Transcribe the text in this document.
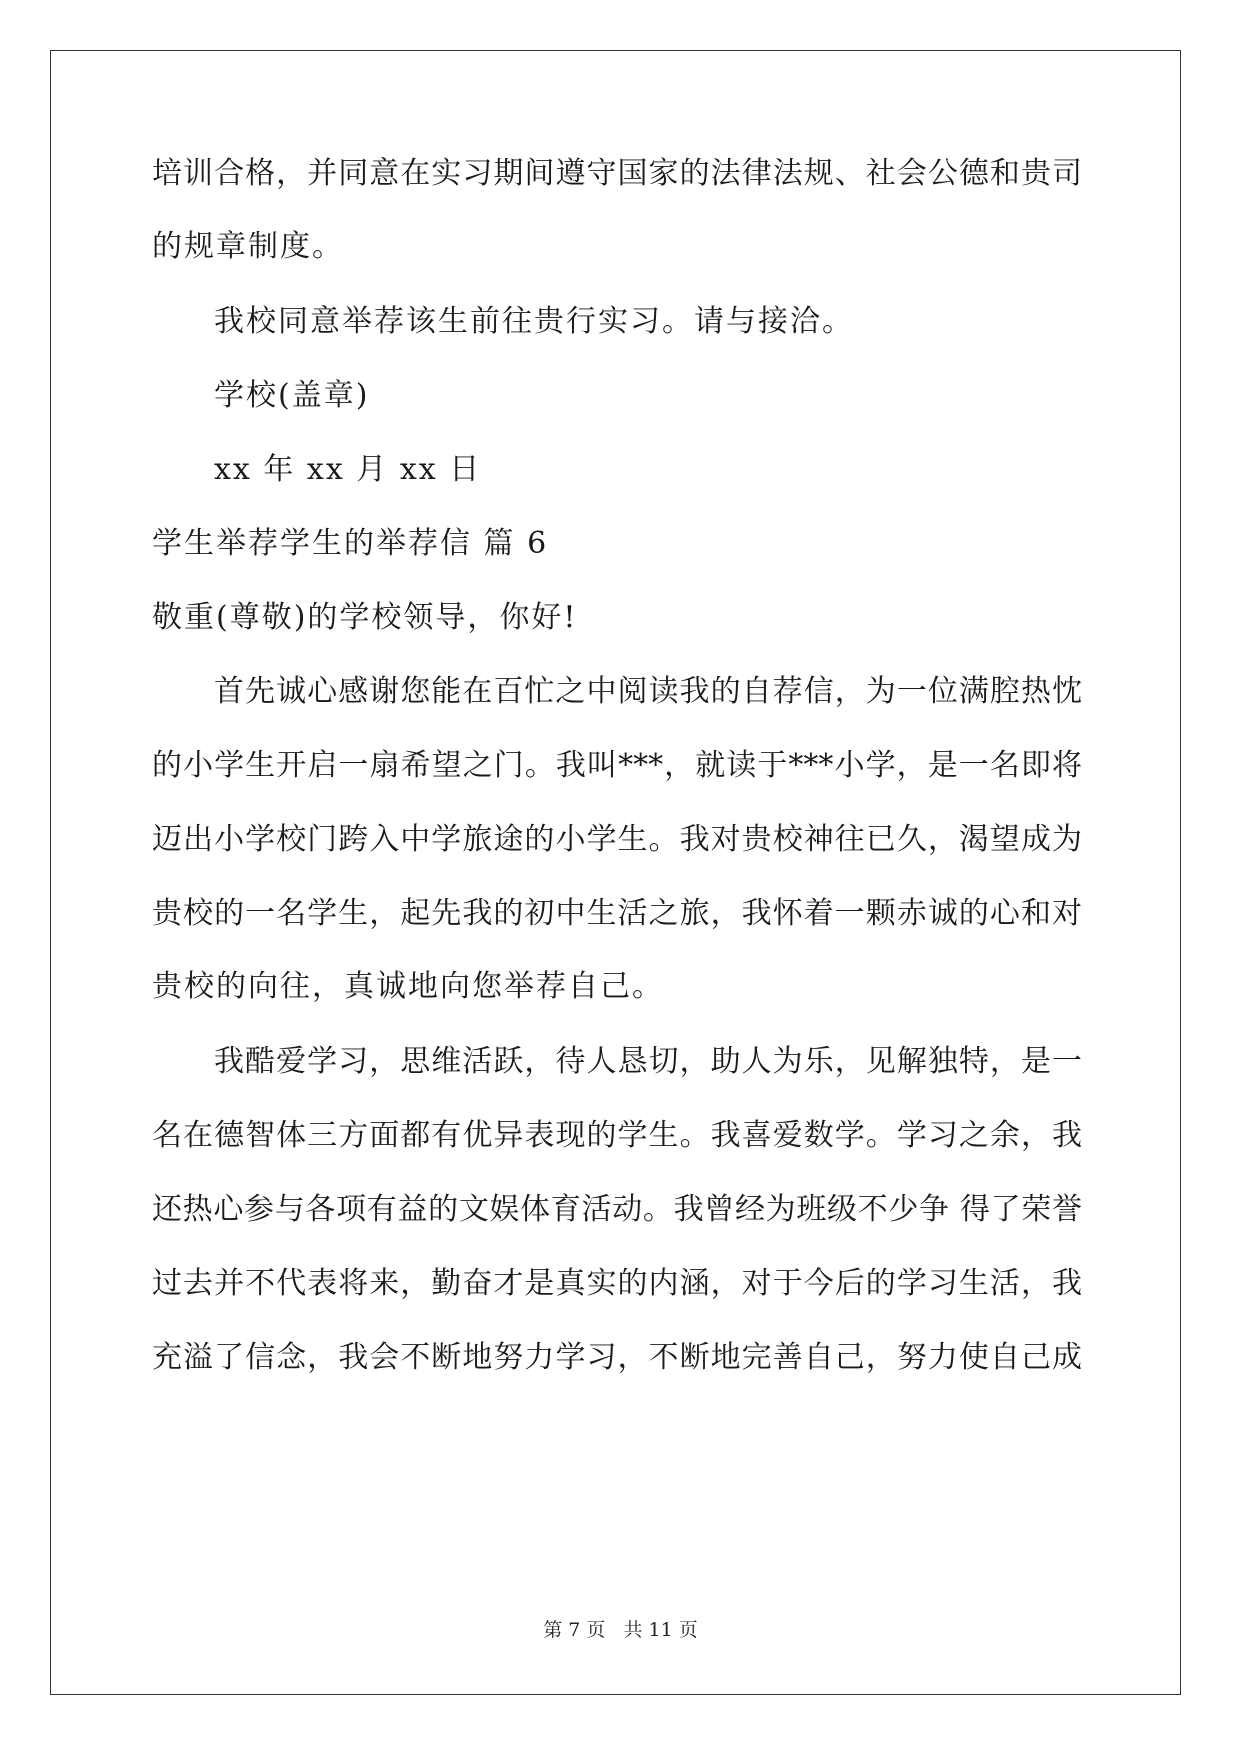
培训合格，并同意在实习期间遵守国家的法律法规、社会公德和贵司
的规章制度。
我校同意举荐该生前往贵行实习。请与接洽。
学校(盖章)
xx 年 xx 月 xx 日
学生举荐学生的举荐信 篇 6
敬重(尊敬)的学校领导，你好!
首先诚心感谢您能在百忙之中阅读我的自荐信，为一位满腔热忱
的小学生开启一扇希望之门。我叫***，就读于***小学，是一名即将
迈出小学校门跨入中学旅途的小学生。我对贵校神往已久，渴望成为
贵校的一名学生，起先我的初中生活之旅，我怀着一颗赤诚的心和对
贵校的向往，真诚地向您举荐自己。
我酷爱学习，思维活跃，待人恳切，助人为乐，见解独特，是一
名在德智体三方面都有优异表现的学生。我喜爱数学。学习之余，我
还热心参与各项有益的文娱体育活动。我曾经为班级不少争 得了荣誉
过去并不代表将来，勤奋才是真实的内涵，对于今后的学习生活，我
充溢了信念，我会不断地努力学习，不断地完善自己，努力使自己成
第 7 页 共 11 页
